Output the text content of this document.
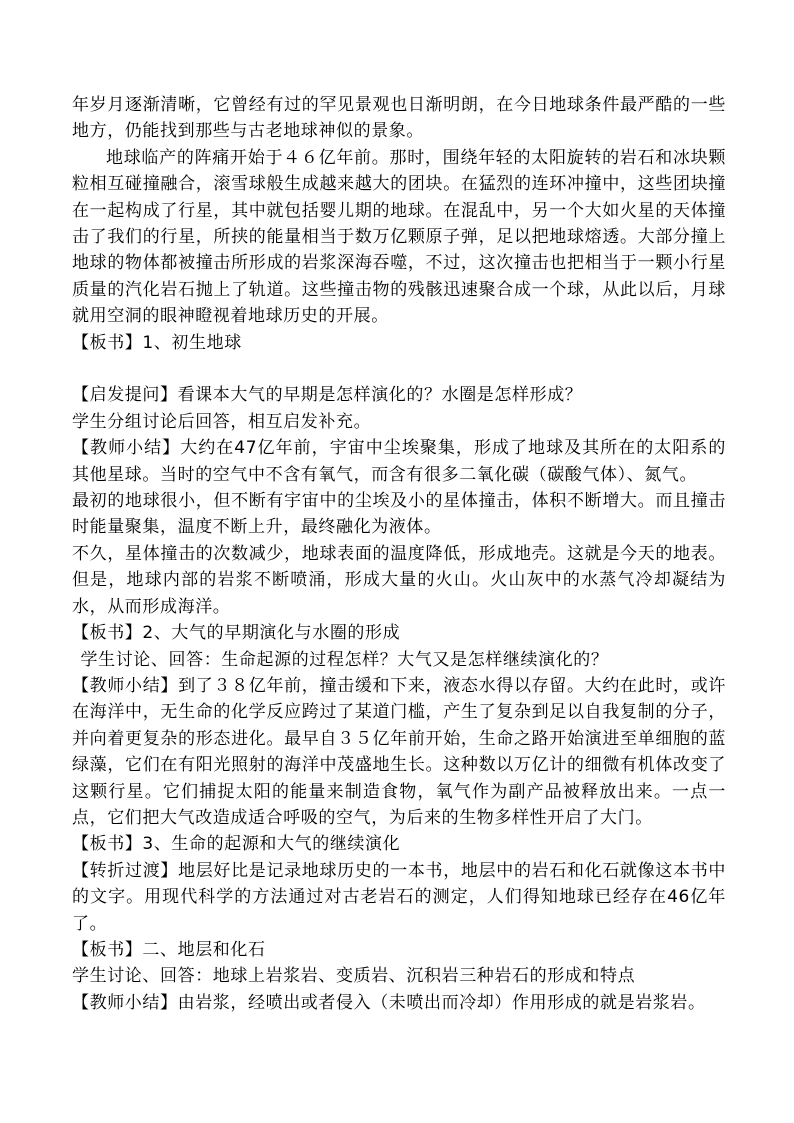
年岁月逐渐清晰，它曾经有过的罕见景观也日渐明朗，在今日地球条件最严酷的一些地方，仍能找到那些与古老地球神似的景象。

地球临产的阵痛开始于４６亿年前。那时，围绕年轻的太阳旋转的岩石和冰块颗粒相互碰撞融合，滚雪球般生成越来越大的团块。在猛烈的连环冲撞中，这些团块撞在一起构成了行星，其中就包括婴儿期的地球。在混乱中，另一个大如火星的天体撞击了我们的行星，所挟的能量相当于数万亿颗原子弹，足以把地球熔透。大部分撞上地球的物体都被撞击所形成的岩浆深海吞噬，不过，这次撞击也把相当于一颗小行星质量的汽化岩石抛上了轨道。这些撞击物的残骸迅速聚合成一个球，从此以后，月球就用空洞的眼神瞪视着地球历史的开展。

【板书】1、初生地球

【启发提问】看课本大气的早期是怎样演化的？水圈是怎样形成？

学生分组讨论后回答，相互启发补充。

【教师小结】大约在47亿年前，宇宙中尘埃聚集，形成了地球及其所在的太阳系的其他星球。当时的空气中不含有氧气，而含有很多二氧化碳（碳酸气体）、氮气。

最初的地球很小，但不断有宇宙中的尘埃及小的星体撞击，体积不断增大。而且撞击时能量聚集，温度不断上升，最终融化为液体。

不久，星体撞击的次数减少，地球表面的温度降低，形成地壳。这就是今天的地表。但是，地球内部的岩浆不断喷涌，形成大量的火山。火山灰中的水蒸气冷却凝结为水，从而形成海洋。

【板书】2、大气的早期演化与水圈的形成

学生讨论、回答：生命起源的过程怎样？大气又是怎样继续演化的？

【教师小结】到了３８亿年前，撞击缓和下来，液态水得以存留。大约在此时，或许在海洋中，无生命的化学反应跨过了某道门槛，产生了复杂到足以自我复制的分子，并向着更复杂的形态进化。最早自３５亿年前开始，生命之路开始演进至单细胞的蓝绿藻，它们在有阳光照射的海洋中茂盛地生长。这种数以万亿计的细微有机体改变了这颗行星。它们捕捉太阳的能量来制造食物，氧气作为副产品被释放出来。一点一点，它们把大气改造成适合呼吸的空气，为后来的生物多样性开启了大门。

【板书】3、生命的起源和大气的继续演化

【转折过渡】地层好比是记录地球历史的一本书，地层中的岩石和化石就像这本书中的文字。用现代科学的方法通过对古老岩石的测定，人们得知地球已经存在46亿年了。

【板书】二、地层和化石

学生讨论、回答：地球上岩浆岩、变质岩、沉积岩三种岩石的形成和特点

【教师小结】由岩浆，经喷出或者侵入（未喷出而冷却）作用形成的就是岩浆岩。
